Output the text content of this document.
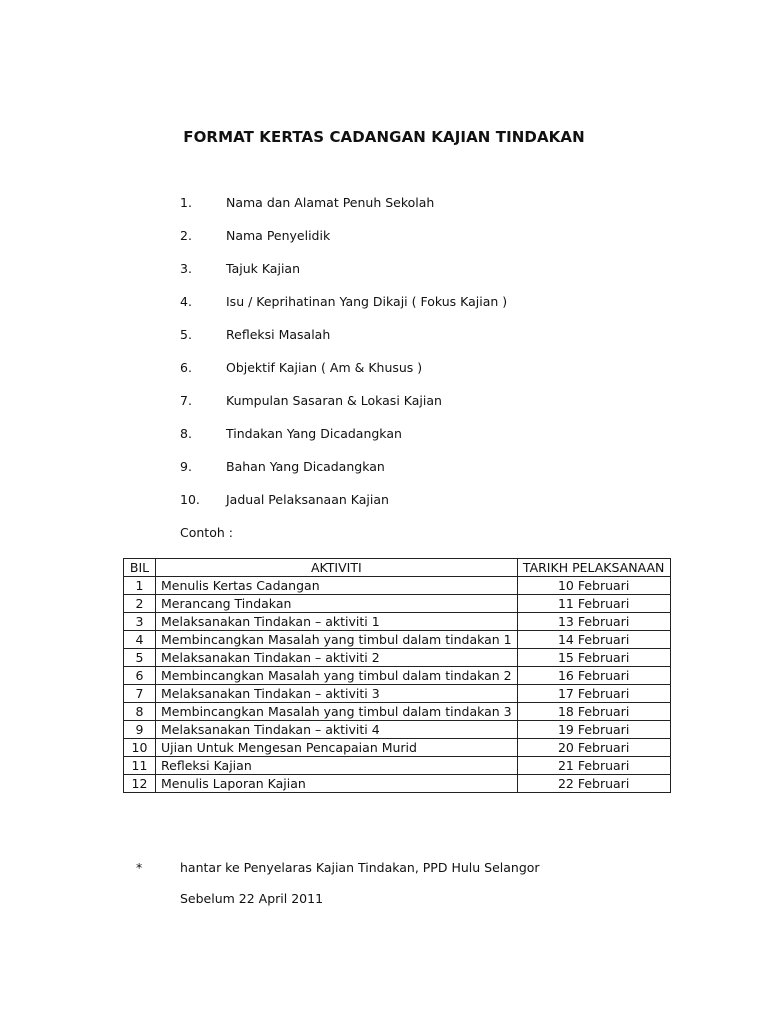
FORMAT KERTAS CADANGAN KAJIAN TINDAKAN
1.	Nama dan Alamat Penuh Sekolah
2.	Nama Penyelidik
3.	Tajuk Kajian
4.	Isu / Keprihatinan Yang Dikaji ( Fokus Kajian )
5.	Refleksi Masalah
6.	Objektif Kajian ( Am & Khusus )
7.	Kumpulan Sasaran & Lokasi Kajian
8.	Tindakan Yang Dicadangkan
9.	Bahan Yang Dicadangkan
10.	Jadual Pelaksanaan Kajian
Contoh :
BIL	AKTIVITI	TARIKH PELAKSANAAN
1	Menulis Kertas Cadangan	10 Februari
2	Merancang Tindakan	11 Februari
3	Melaksanakan Tindakan – aktiviti 1	13 Februari
4	Membincangkan Masalah yang timbul dalam tindakan 1	14 Februari
5	Melaksanakan Tindakan – aktiviti 2	15 Februari
6	Membincangkan Masalah yang timbul dalam tindakan 2	16 Februari
7	Melaksanakan Tindakan – aktiviti 3	17 Februari
8	Membincangkan Masalah yang timbul dalam tindakan 3	18 Februari
9	Melaksanakan Tindakan – aktiviti 4	19 Februari
10	Ujian Untuk Mengesan Pencapaian Murid	20 Februari
11	Refleksi Kajian	21 Februari
12	Menulis Laporan Kajian	22 Februari
*	hantar ke Penyelaras Kajian Tindakan, PPD Hulu Selangor
Sebelum 22 April 2011
